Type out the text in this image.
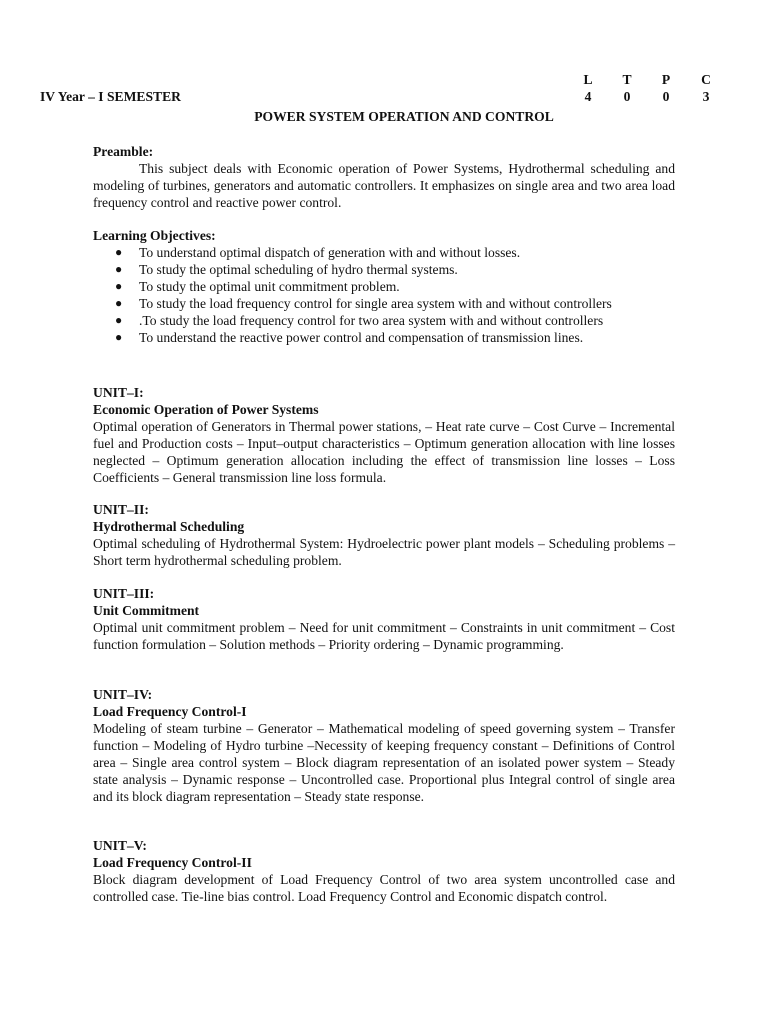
IV Year – I SEMESTER
L T P C
4 0 0 3
POWER SYSTEM OPERATION AND CONTROL
Preamble:
This subject deals with Economic operation of Power Systems, Hydrothermal scheduling and modeling of turbines, generators and automatic controllers. It emphasizes on single area and two area load frequency control and reactive power control.
Learning Objectives:
● To understand optimal dispatch of generation with and without losses.
● To study the optimal scheduling of hydro thermal systems.
● To study the optimal unit commitment problem.
● To study the load frequency control for single area system with and without controllers
● .To study the load frequency control for two area system with and without controllers
● To understand the reactive power control and compensation of transmission lines.
UNIT–I:
Economic Operation of Power Systems
Optimal operation of Generators in Thermal power stations, – Heat rate curve – Cost Curve – Incremental fuel and Production costs – Input–output characteristics – Optimum generation allocation with line losses neglected – Optimum generation allocation including the effect of transmission line losses – Loss Coefficients – General transmission line loss formula.
UNIT–II:
Hydrothermal Scheduling
Optimal scheduling of Hydrothermal System: Hydroelectric power plant models – Scheduling problems – Short term hydrothermal scheduling problem.
UNIT–III:
Unit Commitment
Optimal unit commitment problem – Need for unit commitment – Constraints in unit commitment – Cost function formulation – Solution methods – Priority ordering – Dynamic programming.
UNIT–IV:
Load Frequency Control-I
Modeling of steam turbine – Generator – Mathematical modeling of speed governing system – Transfer function – Modeling of Hydro turbine –Necessity of keeping frequency constant – Definitions of Control area – Single area control system – Block diagram representation of an isolated power system – Steady state analysis – Dynamic response – Uncontrolled case. Proportional plus Integral control of single area and its block diagram representation – Steady state response.
UNIT–V:
Load Frequency Control-II
Block diagram development of Load Frequency Control of two area system uncontrolled case and controlled case. Tie-line bias control. Load Frequency Control and Economic dispatch control.
